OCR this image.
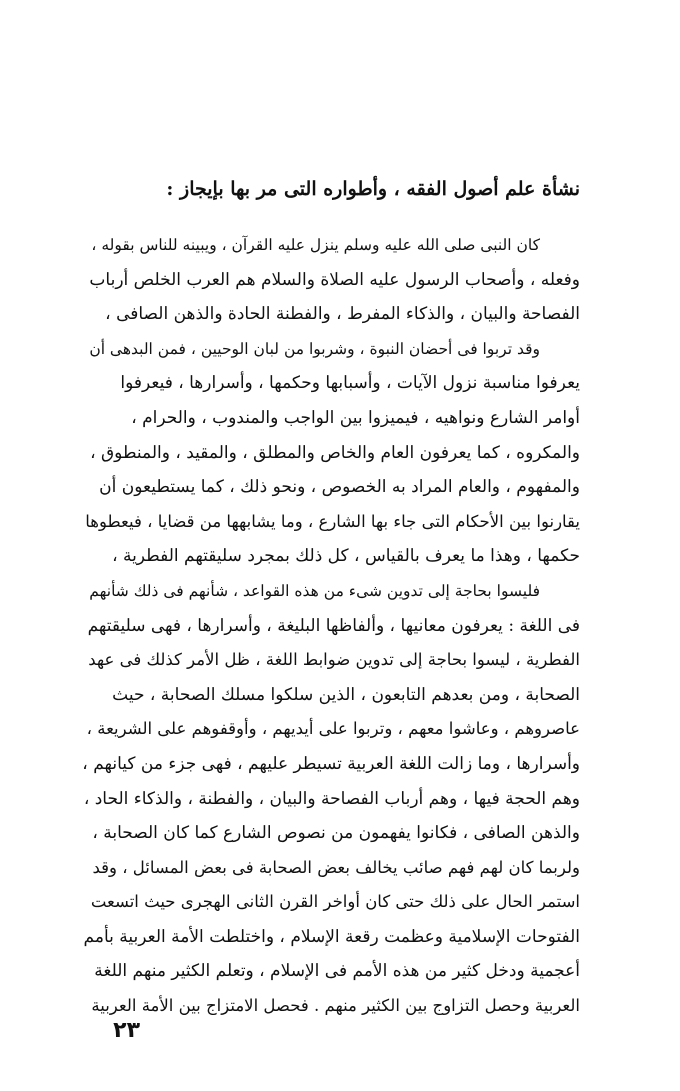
نشأة علم أصول الفقه ، وأطواره التى مر بها بإيجاز :
كان النبى صلى الله عليه وسلم ينزل عليه القرآن ، ويبينه للناس بقوله ،
وفعله ، وأصحاب الرسول عليه الصلاة والسلام هم العرب الخلص أرباب
الفصاحة والبيان ، والذكاء المفرط ، والفطنة الحادة والذهن الصافى ،
وقد تربوا فى أحضان النبوة ، وشربوا من لبان الوحيين ، فمن البدهى أن
يعرفوا مناسبة نزول الآيات ، وأسبابها وحكمها ، وأسرارها ، فيعرفوا
أوامر الشارع ونواهيه ، فيميزوا بين الواجب والمندوب ، والحرام ،
والمكروه ، كما يعرفون العام والخاص والمطلق ، والمقيد ، والمنطوق ،
والمفهوم ، والعام المراد به الخصوص ، ونحو ذلك ، كما يستطيعون أن
يقارنوا بين الأحكام التى جاء بها الشارع ، وما يشابهها من قضايا ، فيعطوها
حكمها ، وهذا ما يعرف بالقياس ، كل ذلك بمجرد سليقتهم الفطرية ،
فليسوا بحاجة إلى تدوين شىء من هذه القواعد ، شأنهم فى ذلك شأنهم
فى اللغة : يعرفون معانيها ، وألفاظها البليغة ، وأسرارها ، فهى سليقتهم
الفطرية ، ليسوا بحاجة إلى تدوين ضوابط اللغة ، ظل الأمر كذلك فى عهد
الصحابة ، ومن بعدهم التابعون ، الذين سلكوا مسلك الصحابة ، حيث
عاصروهم ، وعاشوا معهم ، وتربوا على أيديهم ، وأوقفوهم على الشريعة ،
وأسرارها ، وما زالت اللغة العربية تسيطر عليهم ، فهى جزء من كيانهم ،
وهم الحجة فيها ، وهم أرباب الفصاحة والبيان ، والفطنة ، والذكاء الحاد ،
والذهن الصافى ، فكانوا يفهمون من نصوص الشارع كما كان الصحابة ،
ولربما كان لهم فهم صائب يخالف بعض الصحابة فى بعض المسائل ، وقد
استمر الحال على ذلك حتى كان أواخر القرن الثانى الهجرى حيث اتسعت
الفتوحات الإسلامية وعظمت رقعة الإسلام ، واختلطت الأمة العربية بأمم
أعجمية ودخل كثير من هذه الأمم فى الإسلام ، وتعلم الكثير منهم اللغة
العربية وحصل التزاوج بين الكثير منهم . فحصل الامتزاج بين الأمة العربية
٢٣
